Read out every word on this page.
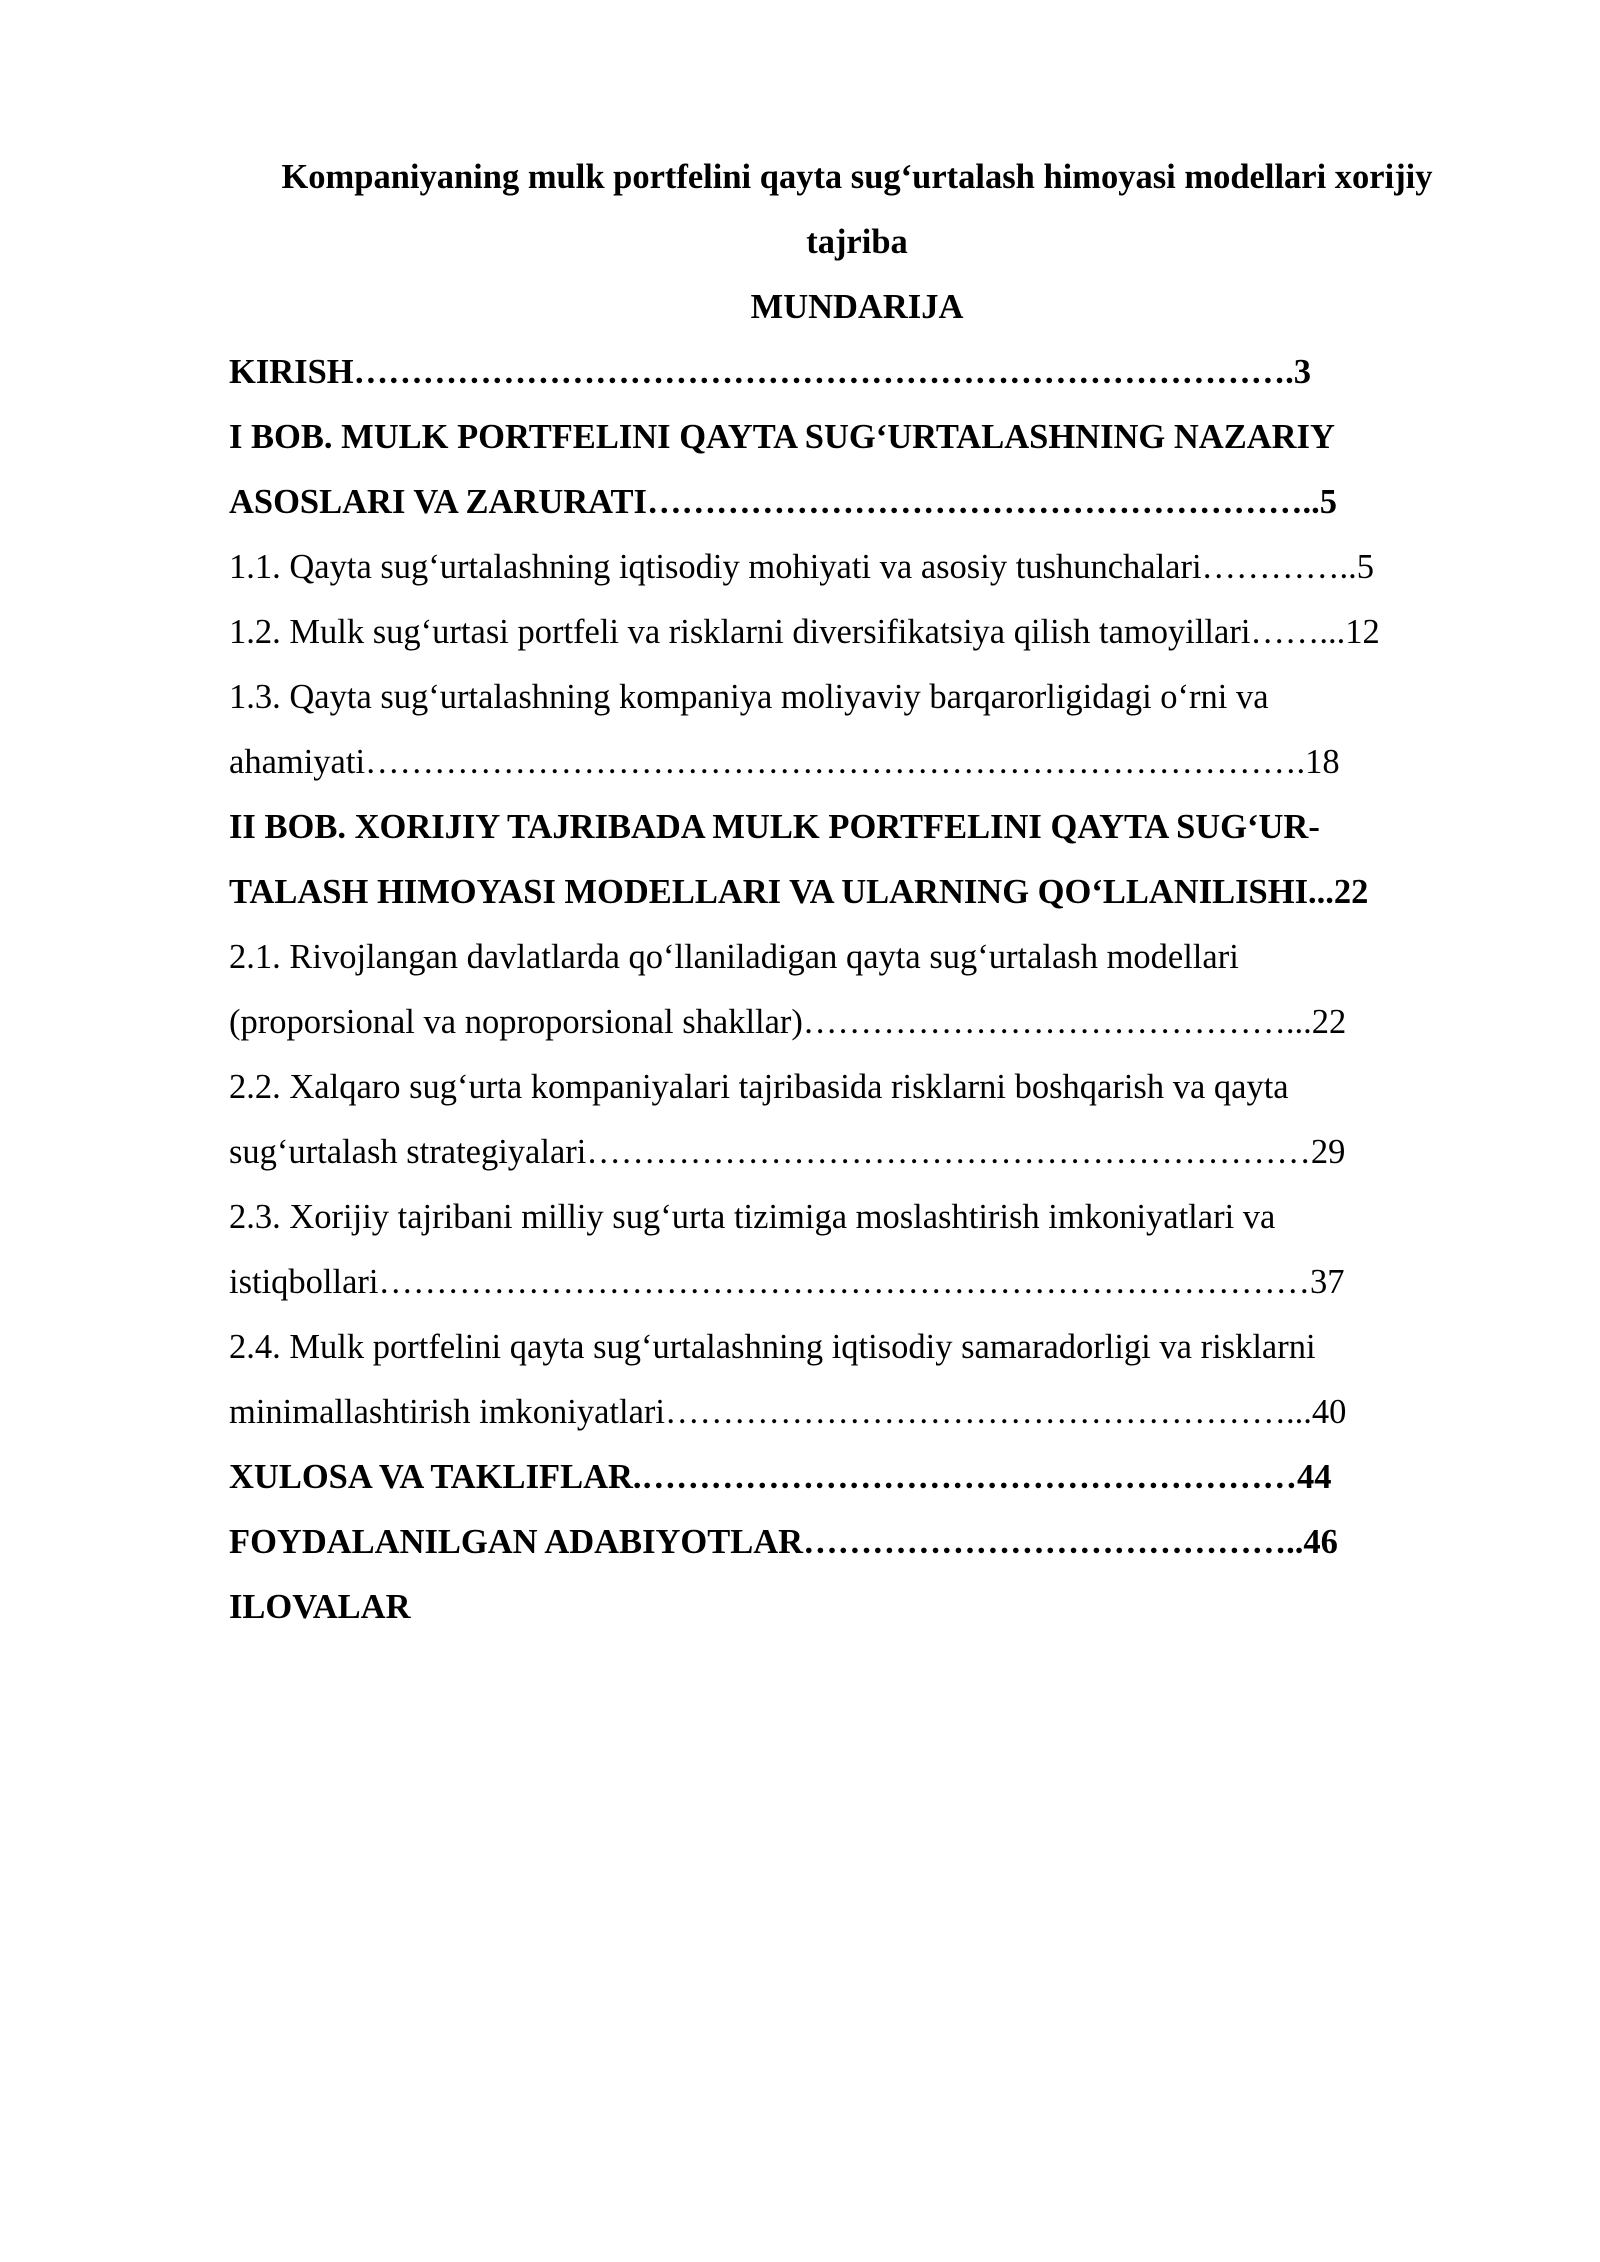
Kompaniyaning mulk portfelini qayta sug‘urtalash himoyasi modellari xorijiy
tajriba

MUNDARIJA

KIRISH……………………………………………………………………….3
I BOB. MULK PORTFELINI QAYTA SUG‘URTALASHNING NAZARIY
ASOSLARI VA ZARURATI…………………………………………………..5
1.1. Qayta sug‘urtalashning iqtisodiy mohiyati va asosiy tushunchalari…………..5
1.2. Mulk sug‘urtasi portfeli va risklarni diversifikatsiya qilish tamoyillari……...12
1.3. Qayta sug‘urtalashning kompaniya moliyaviy barqarorligidagi o‘rni va
ahamiyati……………………………………………………………………….18
II BOB. XORIJIY TAJRIBADA MULK PORTFELINI QAYTA SUG‘UR-
TALASH HIMOYASI MODELLARI VA ULARNING QO‘LLANILISHI...22
2.1. Rivojlangan davlatlarda qo‘llaniladigan qayta sug‘urtalash modellari
(proporsional va noproporsional shakllar)……………………………………...22
2.2. Xalqaro sug‘urta kompaniyalari tajribasida risklarni boshqarish va qayta
sug‘urtalash strategiyalari………………………………………………………29
2.3. Xorijiy tajribani milliy sug‘urta tizimiga moslashtirish imkoniyatlari va
istiqbollari………………………………………………………………………37
2.4. Mulk portfelini qayta sug‘urtalashning iqtisodiy samaradorligi va risklarni
minimallashtirish imkoniyatlari………………………………………………...40
XULOSA VA TAKLIFLAR.…………………………………………………44
FOYDALANILGAN ADABIYOTLAR……………………………………..46
ILOVALAR
